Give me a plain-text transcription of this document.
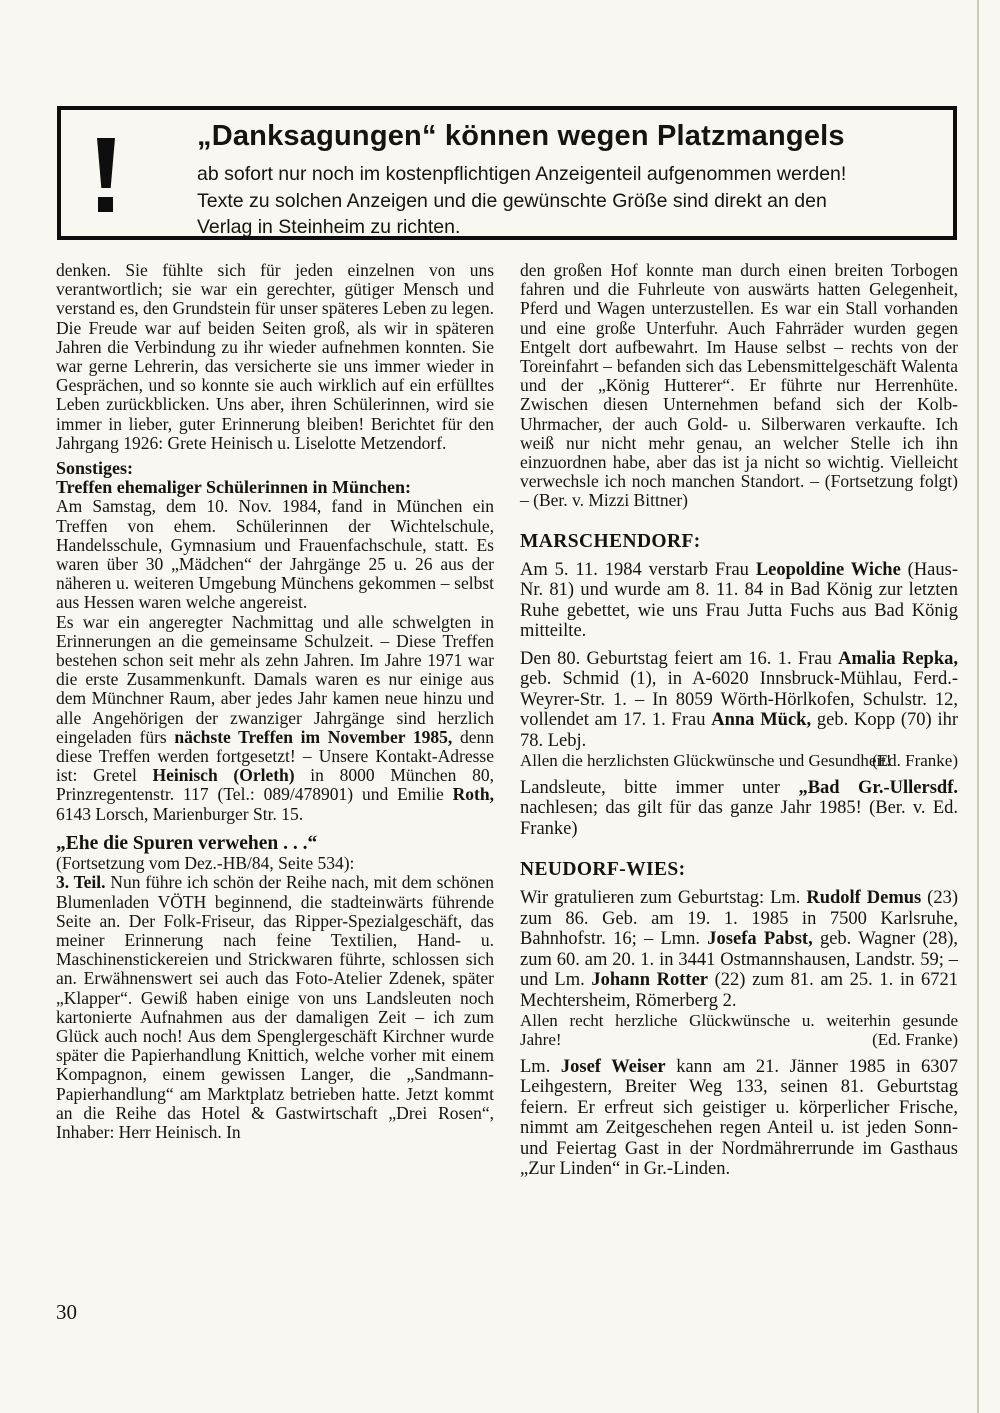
„Danksagungen“ können wegen Platzmangels
ab sofort nur noch im kostenpflichtigen Anzeigenteil aufgenommen werden!
Texte zu solchen Anzeigen und die gewünschte Größe sind direkt an den
Verlag in Steinheim zu richten.

denken. Sie fühlte sich für jeden einzelnen von uns verantwortlich; sie war ein gerechter, gütiger Mensch und verstand es, den Grundstein für unser späteres Leben zu legen. Die Freude war auf beiden Seiten groß, als wir in späteren Jahren die Verbindung zu ihr wieder aufnehmen konnten. Sie war gerne Lehrerin, das versicherte sie uns immer wieder in Gesprächen, und so konnte sie auch wirklich auf ein erfülltes Leben zurückblicken. Uns aber, ihren Schülerinnen, wird sie immer in lieber, guter Erinnerung bleiben! Berichtet für den Jahrgang 1926: Grete Heinisch u. Liselotte Metzendorf.

Sonstiges:
Treffen ehemaliger Schülerinnen in München:

Am Samstag, dem 10. Nov. 1984, fand in München ein Treffen von ehem. Schülerinnen der Wichtelschule, Handelsschule, Gymnasium und Frauenfachschule, statt. Es waren über 30 „Mädchen“ der Jahrgänge 25 u. 26 aus der näheren u. weiteren Umgebung Münchens gekommen – selbst aus Hessen waren welche angereist.

Es war ein angeregter Nachmittag und alle schwelgten in Erinnerungen an die gemeinsame Schulzeit. – Diese Treffen bestehen schon seit mehr als zehn Jahren. Im Jahre 1971 war die erste Zusammenkunft. Damals waren es nur einige aus dem Münchner Raum, aber jedes Jahr kamen neue hinzu und alle Angehörigen der zwanziger Jahrgänge sind herzlich eingeladen fürs nächste Treffen im November 1985, denn diese Treffen werden fortgesetzt! – Unsere Kontakt-Adresse ist: Gretel Heinisch (Orleth) in 8000 München 80, Prinzregentenstr. 117 (Tel.: 089/478901) und Emilie Roth, 6143 Lorsch, Marienburger Str. 15.

„Ehe die Spuren verwehen . . .“

(Fortsetzung vom Dez.-HB/84, Seite 534):

3. Teil. Nun führe ich schön der Reihe nach, mit dem schönen Blumenladen VÖTH beginnend, die stadteinwärts führende Seite an. Der Folk-Friseur, das Ripper-Spezialgeschäft, das meiner Erinnerung nach feine Textilien, Hand- u. Maschinenstickereien und Strickwaren führte, schlossen sich an. Erwähnenswert sei auch das Foto-Atelier Zdenek, später „Klapper“. Gewiß haben einige von uns Landsleuten noch kartonierte Aufnahmen aus der damaligen Zeit – ich zum Glück auch noch! Aus dem Spenglergeschäft Kirchner wurde später die Papierhandlung Knittich, welche vorher mit einem Kompagnon, einem gewissen Langer, die „Sandmann-Papierhandlung“ am Marktplatz betrieben hatte. Jetzt kommt an die Reihe das Hotel & Gastwirtschaft „Drei Rosen“, Inhaber: Herr Heinisch. In

den großen Hof konnte man durch einen breiten Torbogen fahren und die Fuhrleute von auswärts hatten Gelegenheit, Pferd und Wagen unterzustellen. Es war ein Stall vorhanden und eine große Unterfuhr. Auch Fahrräder wurden gegen Entgelt dort aufbewahrt. Im Hause selbst – rechts von der Toreinfahrt – befanden sich das Lebensmittelgeschäft Walenta und der „König Hutterer“. Er führte nur Herrenhüte. Zwischen diesen Unternehmen befand sich der Kolb-Uhrmacher, der auch Gold- u. Silberwaren verkaufte. Ich weiß nur nicht mehr genau, an welcher Stelle ich ihn einzuordnen habe, aber das ist ja nicht so wichtig. Vielleicht verwechsle ich noch manchen Standort. – (Fortsetzung folgt) – (Ber. v. Mizzi Bittner)

MARSCHENDORF:

Am 5. 11. 1984 verstarb Frau Leopoldine Wiche (Haus-Nr. 81) und wurde am 8. 11. 84 in Bad König zur letzten Ruhe gebettet, wie uns Frau Jutta Fuchs aus Bad König mitteilte.

Den 80. Geburtstag feiert am 16. 1. Frau Amalia Repka, geb. Schmid (1), in A-6020 Innsbruck-Mühlau, Ferd.-Weyrer-Str. 1. – In 8059 Wörth-Hörlkofen, Schulstr. 12, vollendet am 17. 1. Frau Anna Mück, geb. Kopp (70) ihr 78. Lebj.

Allen die herzlichsten Glückwünsche und Gesundheit!
(Ed. Franke)

Landsleute, bitte immer unter „Bad Gr.-Ullersdf. nachlesen; das gilt für das ganze Jahr 1985! (Ber. v. Ed. Franke)

NEUDORF-WIES:

Wir gratulieren zum Geburtstag: Lm. Rudolf Demus (23) zum 86. Geb. am 19. 1. 1985 in 7500 Karlsruhe, Bahnhofstr. 16; – Lmn. Josefa Pabst, geb. Wagner (28), zum 60. am 20. 1. in 3441 Ostmannshausen, Landstr. 59; – und Lm. Johann Rotter (22) zum 81. am 25. 1. in 6721 Mechtersheim, Römerberg 2.

Allen recht herzliche Glückwünsche u. weiterhin gesunde Jahre!	(Ed. Franke)

Lm. Josef Weiser kann am 21. Jänner 1985 in 6307 Leihgestern, Breiter Weg 133, seinen 81. Geburtstag feiern. Er erfreut sich geistiger u. körperlicher Frische, nimmt am Zeitgeschehen regen Anteil u. ist jeden Sonn- und Feiertag Gast in der Nordmährerrunde im Gasthaus „Zur Linden“ in Gr.-Linden.

30
